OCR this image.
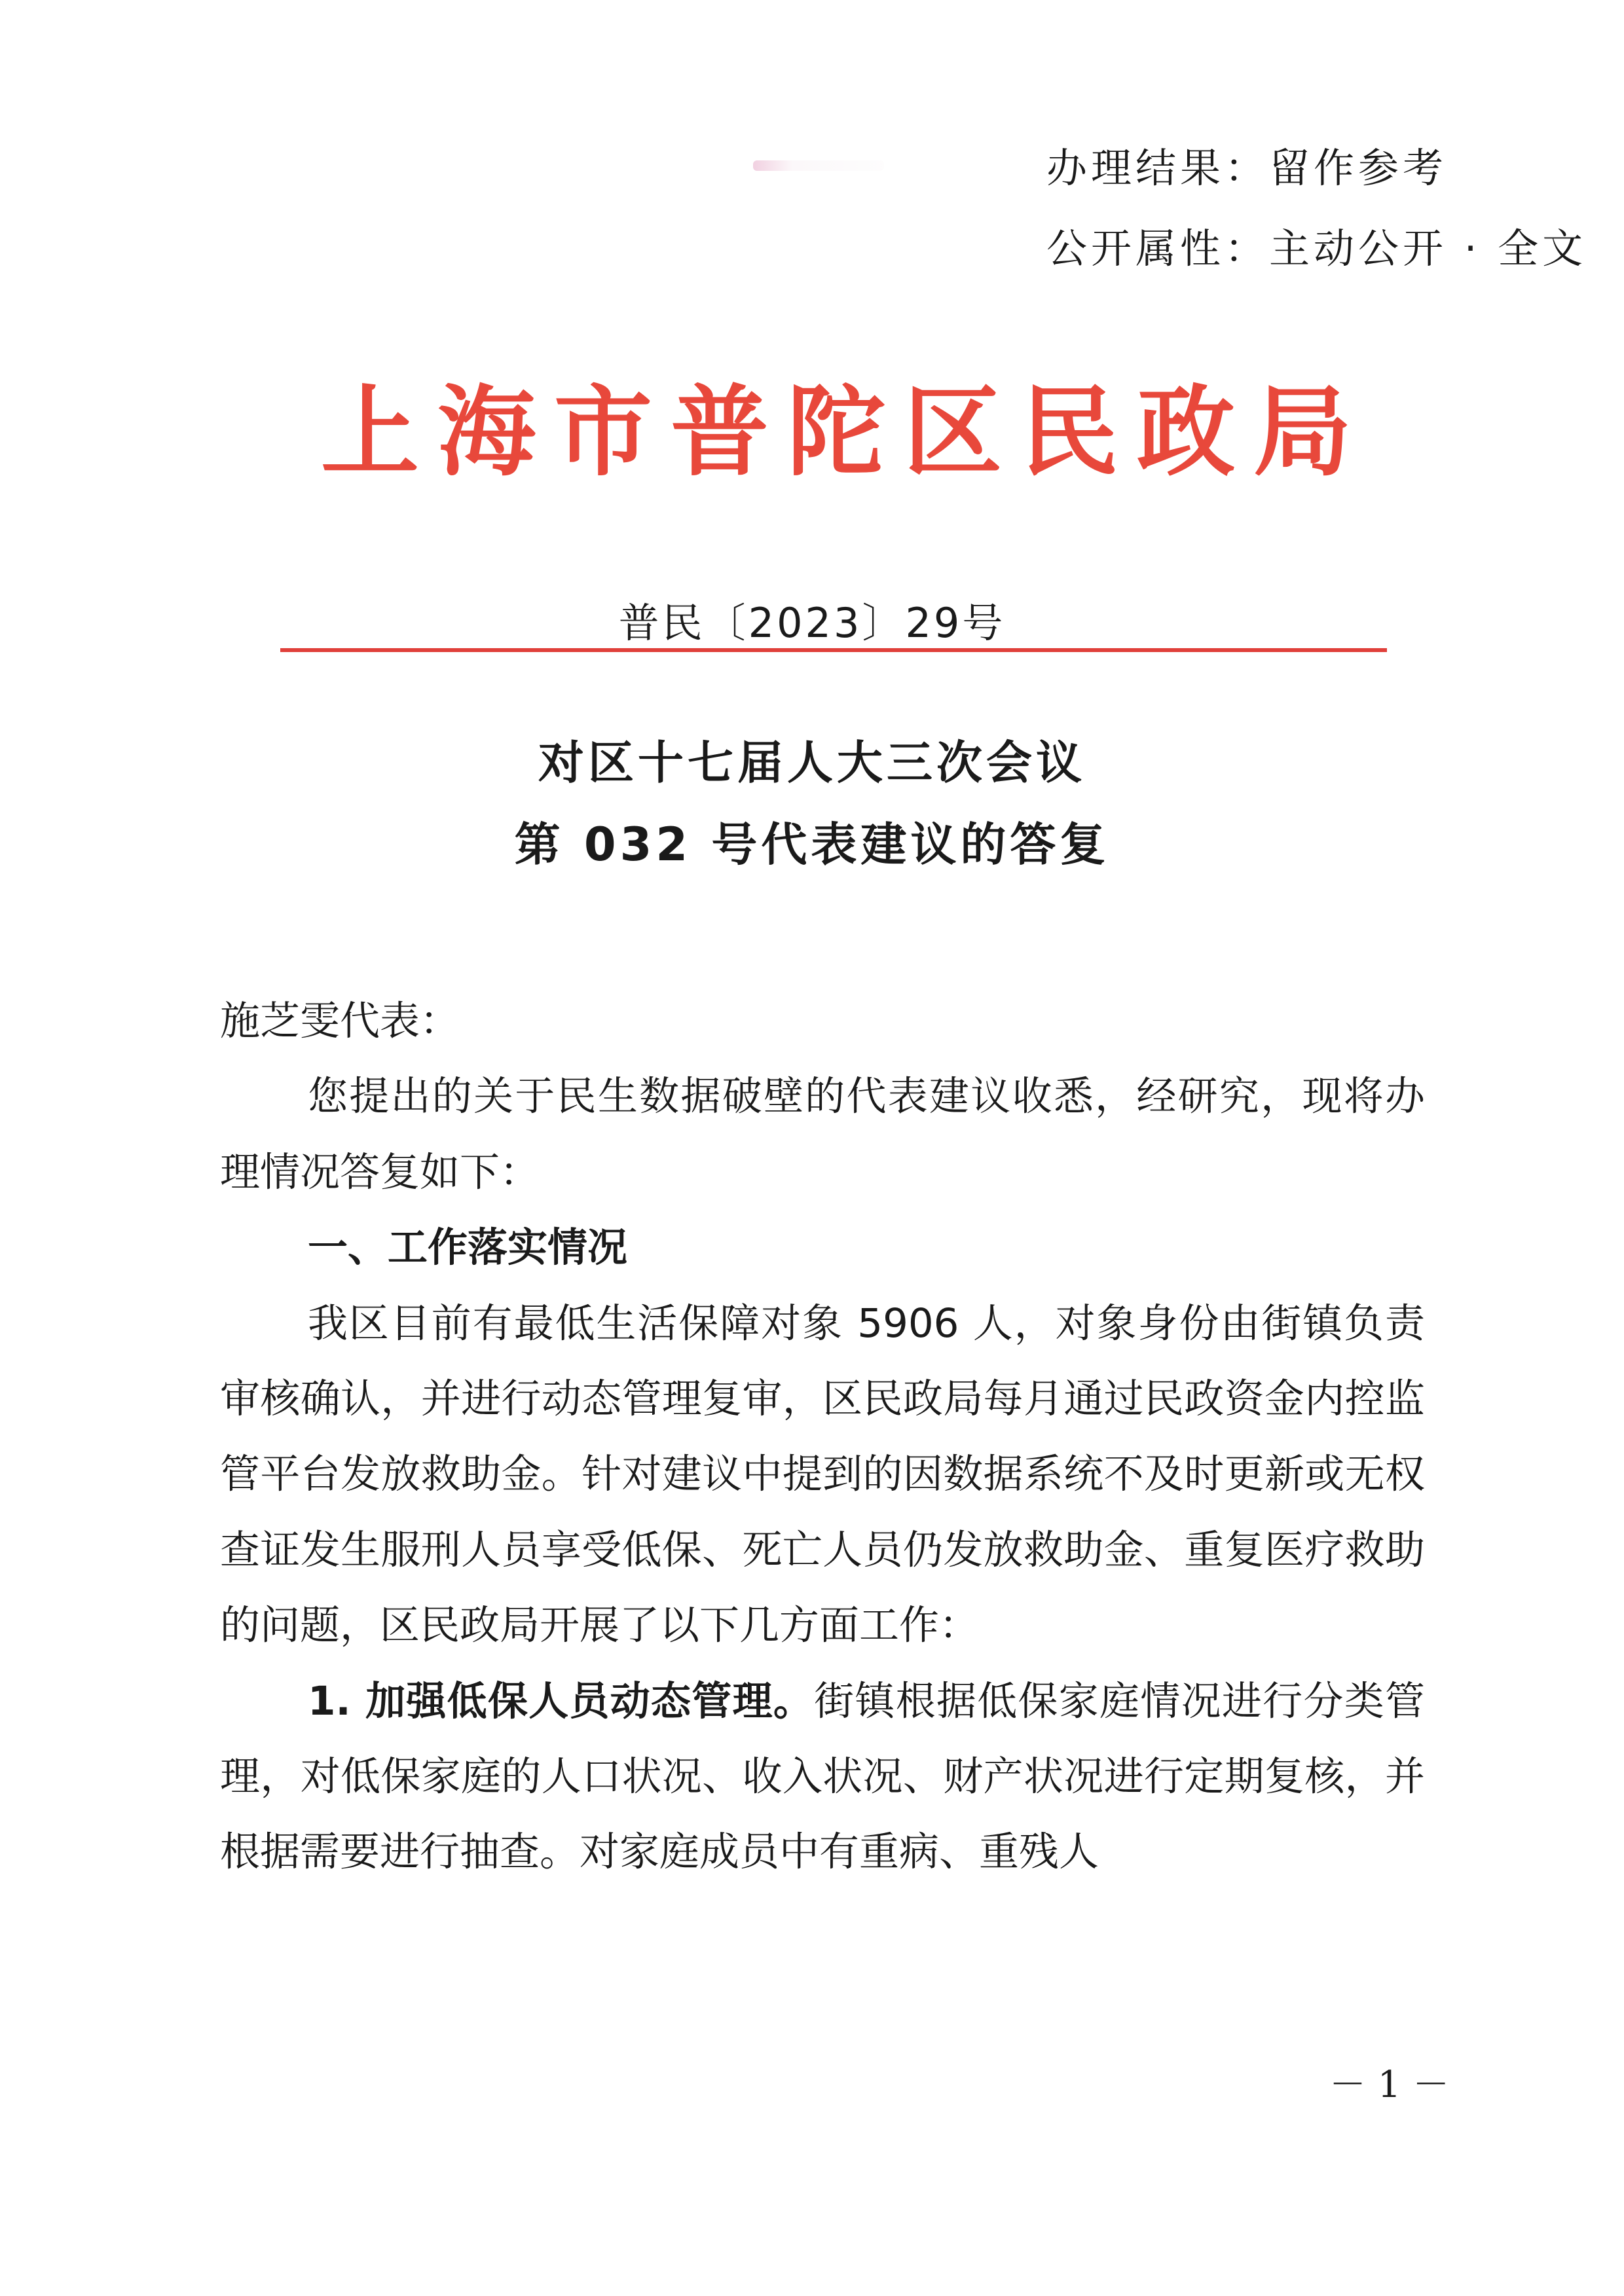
办理结果：留作参考
公开属性：主动公开 · 全文
上海市普陀区民政局
普民〔2023〕29号
对区十七届人大三次会议
第 032 号代表建议的答复

施芝雯代表：

您提出的关于民生数据破壁的代表建议收悉，经研究，现将办理情况答复如下：

一、工作落实情况

我区目前有最低生活保障对象 5906 人，对象身份由街镇负责审核确认，并进行动态管理复审，区民政局每月通过民政资金内控监管平台发放救助金。针对建议中提到的因数据系统不及时更新或无权查证发生服刑人员享受低保、死亡人员仍发放救助金、重复医疗救助的问题，区民政局开展了以下几方面工作：

1. 加强低保人员动态管理。街镇根据低保家庭情况进行分类管理，对低保家庭的人口状况、收入状况、财产状况进行定期复核，并根据需要进行抽查。对家庭成员中有重病、重残人

－ 1 －
